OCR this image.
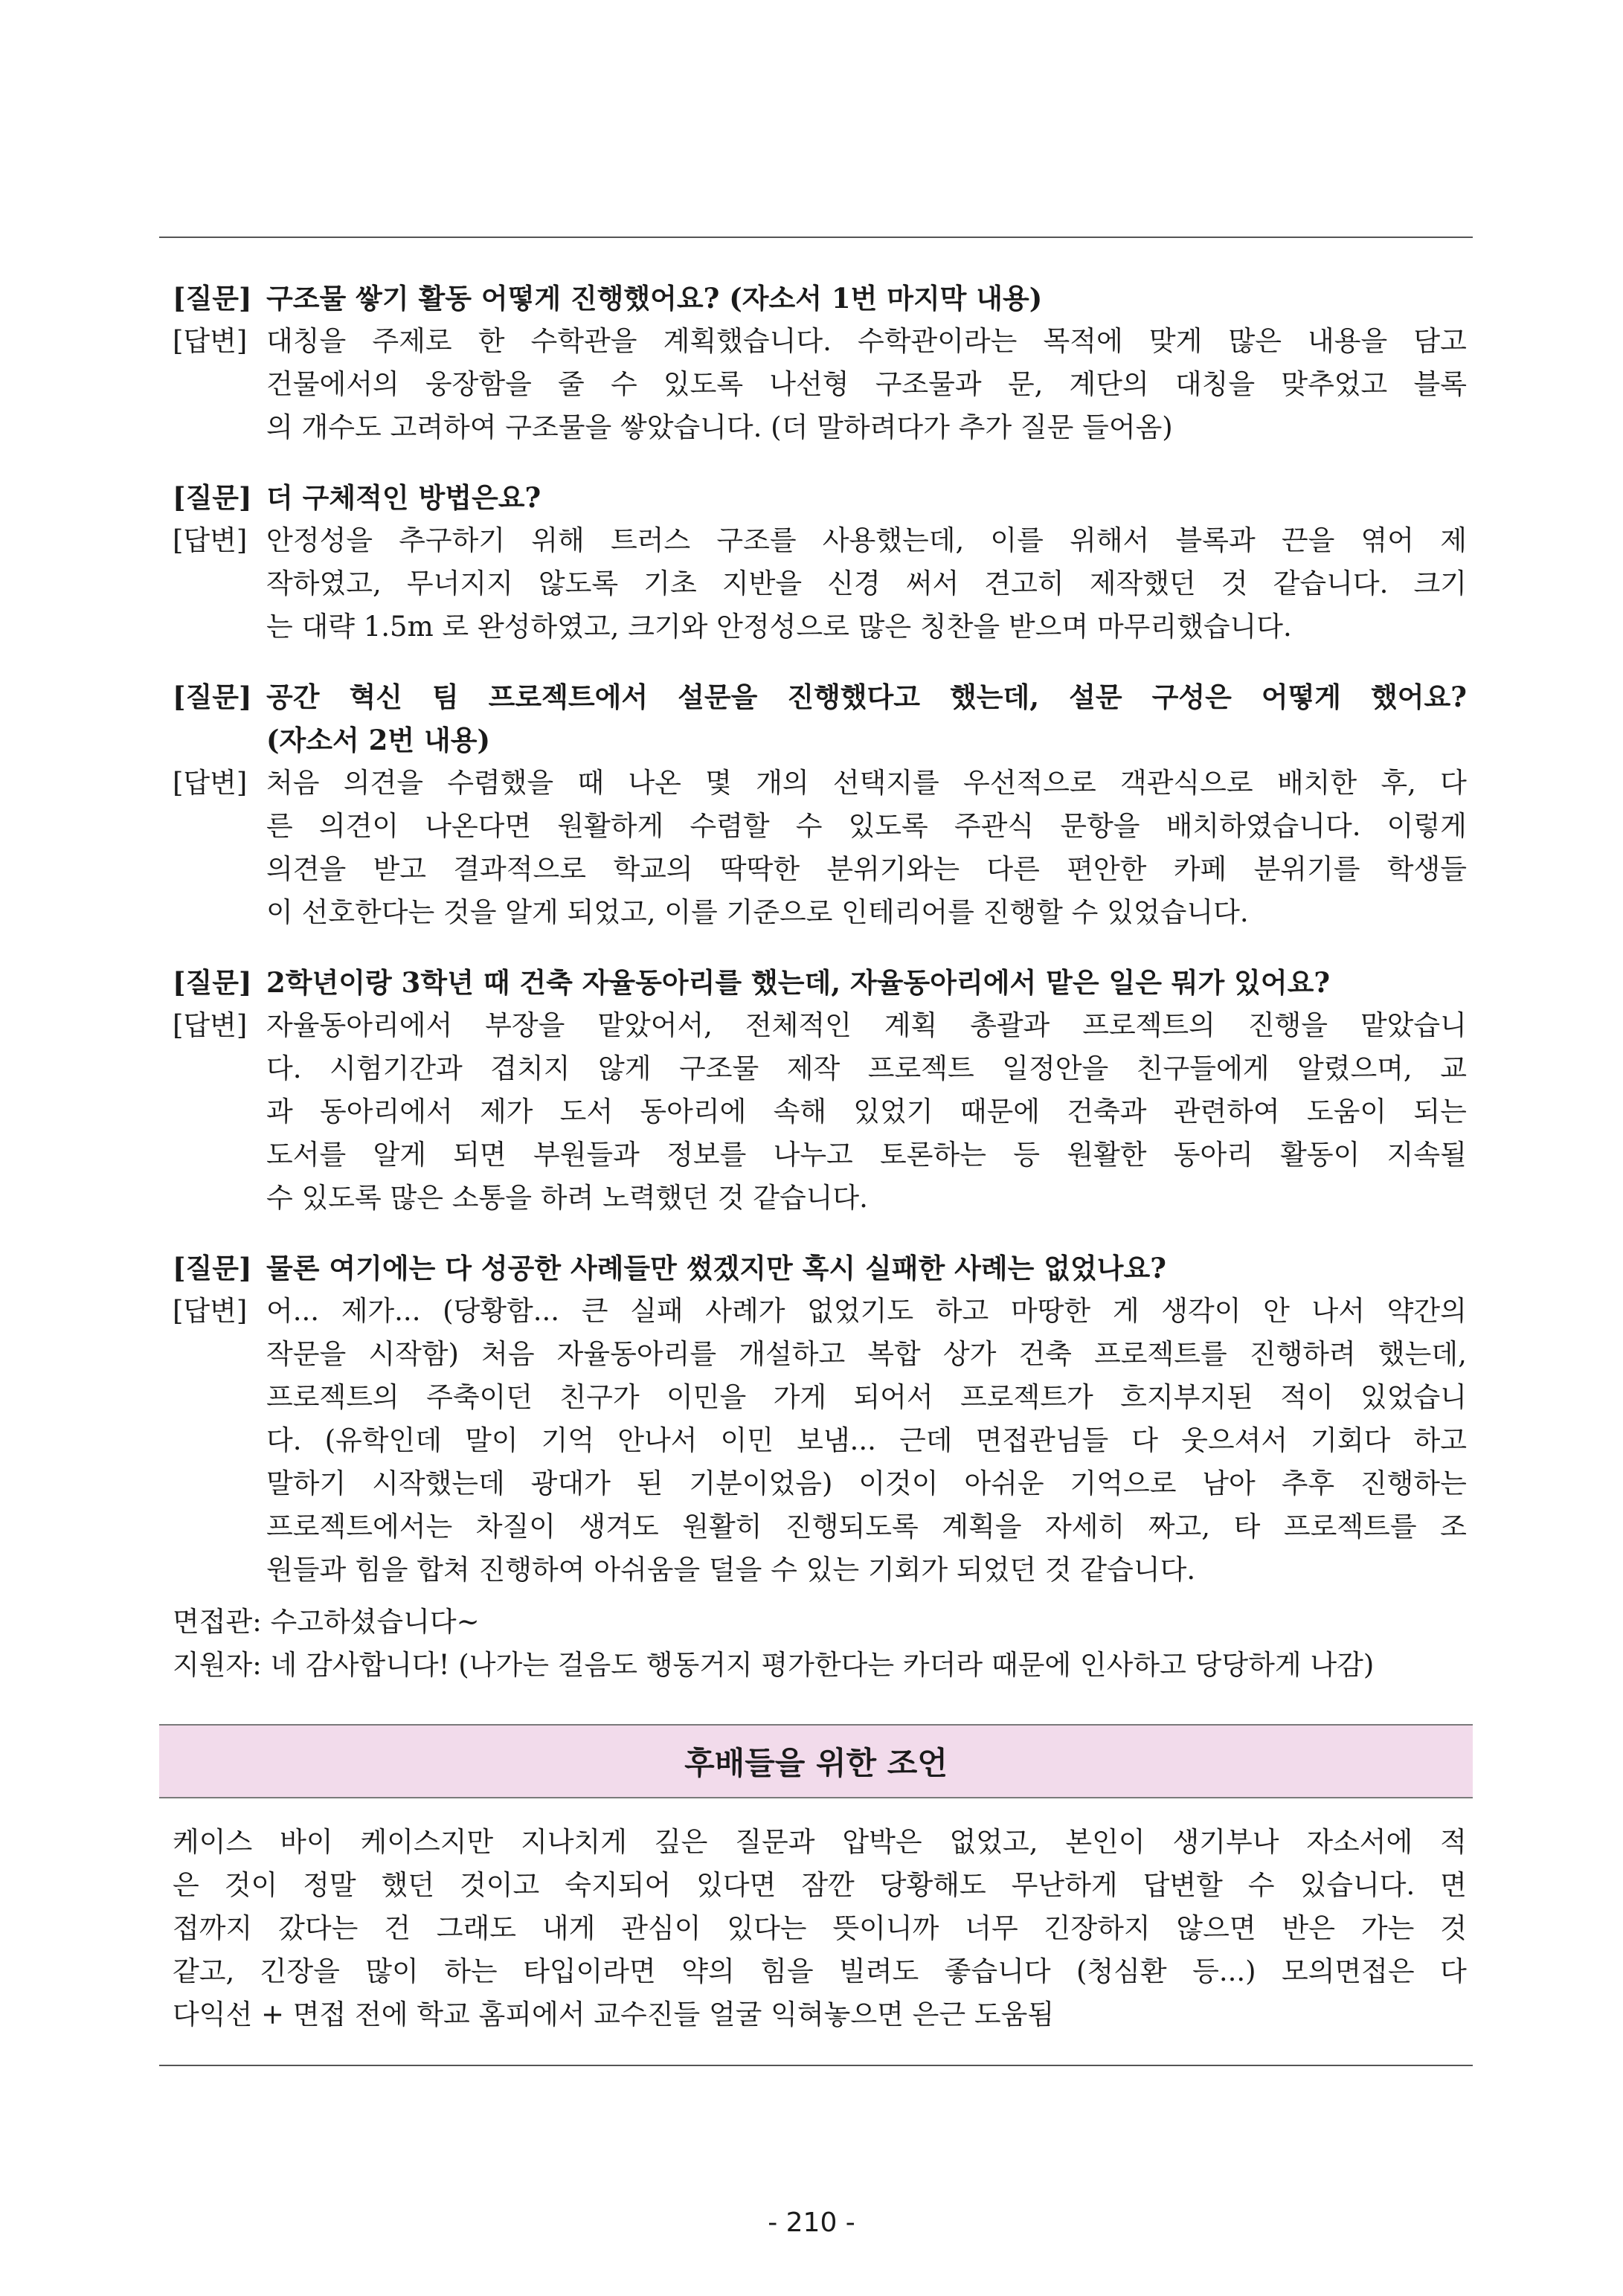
[질문] 구조물 쌓기 활동 어떻게 진행했어요? (자소서 1번 마지막 내용)
[답변] 대칭을 주제로 한 수학관을 계획했습니다. 수학관이라는 목적에 맞게 많은 내용을 담고
건물에서의 웅장함을 줄 수 있도록 나선형 구조물과 문, 계단의 대칭을 맞추었고 블록
의 개수도 고려하여 구조물을 쌓았습니다. (더 말하려다가 추가 질문 들어옴)
[질문] 더 구체적인 방법은요?
[답변] 안정성을 추구하기 위해 트러스 구조를 사용했는데, 이를 위해서 블록과 끈을 엮어 제
작하였고, 무너지지 않도록 기초 지반을 신경 써서 견고히 제작했던 것 같습니다. 크기
는 대략 1.5m 로 완성하였고, 크기와 안정성으로 많은 칭찬을 받으며 마무리했습니다.
[질문] 공간 혁신 팀 프로젝트에서 설문을 진행했다고 했는데, 설문 구성은 어떻게 했어요?
(자소서 2번 내용)
[답변] 처음 의견을 수렴했을 때 나온 몇 개의 선택지를 우선적으로 객관식으로 배치한 후, 다
른 의견이 나온다면 원활하게 수렴할 수 있도록 주관식 문항을 배치하였습니다. 이렇게
의견을 받고 결과적으로 학교의 딱딱한 분위기와는 다른 편안한 카페 분위기를 학생들
이 선호한다는 것을 알게 되었고, 이를 기준으로 인테리어를 진행할 수 있었습니다.
[질문] 2학년이랑 3학년 때 건축 자율동아리를 했는데, 자율동아리에서 맡은 일은 뭐가 있어요?
[답변] 자율동아리에서 부장을 맡았어서, 전체적인 계획 총괄과 프로젝트의 진행을 맡았습니
다. 시험기간과 겹치지 않게 구조물 제작 프로젝트 일정안을 친구들에게 알렸으며, 교
과 동아리에서 제가 도서 동아리에 속해 있었기 때문에 건축과 관련하여 도움이 되는
도서를 알게 되면 부원들과 정보를 나누고 토론하는 등 원활한 동아리 활동이 지속될
수 있도록 많은 소통을 하려 노력했던 것 같습니다.
[질문] 물론 여기에는 다 성공한 사례들만 썼겠지만 혹시 실패한 사례는 없었나요?
[답변] 어... 제가... (당황함... 큰 실패 사례가 없었기도 하고 마땅한 게 생각이 안 나서 약간의
작문을 시작함) 처음 자율동아리를 개설하고 복합 상가 건축 프로젝트를 진행하려 했는데,
프로젝트의 주축이던 친구가 이민을 가게 되어서 프로젝트가 흐지부지된 적이 있었습니
다. (유학인데 말이 기억 안나서 이민 보냄... 근데 면접관님들 다 웃으셔서 기회다 하고
말하기 시작했는데 광대가 된 기분이었음) 이것이 아쉬운 기억으로 남아 추후 진행하는
프로젝트에서는 차질이 생겨도 원활히 진행되도록 계획을 자세히 짜고, 타 프로젝트를 조
원들과 힘을 합쳐 진행하여 아쉬움을 덜을 수 있는 기회가 되었던 것 같습니다.
면접관: 수고하셨습니다~
지원자: 네 감사합니다! (나가는 걸음도 행동거지 평가한다는 카더라 때문에 인사하고 당당하게 나감)
후배들을 위한 조언
케이스 바이 케이스지만 지나치게 깊은 질문과 압박은 없었고, 본인이 생기부나 자소서에 적
은 것이 정말 했던 것이고 숙지되어 있다면 잠깐 당황해도 무난하게 답변할 수 있습니다. 면
접까지 갔다는 건 그래도 내게 관심이 있다는 뜻이니까 너무 긴장하지 않으면 반은 가는 것
같고, 긴장을 많이 하는 타입이라면 약의 힘을 빌려도 좋습니다 (청심환 등...) 모의면접은 다
다익선 + 면접 전에 학교 홈피에서 교수진들 얼굴 익혀놓으면 은근 도움됨
- 210 -
